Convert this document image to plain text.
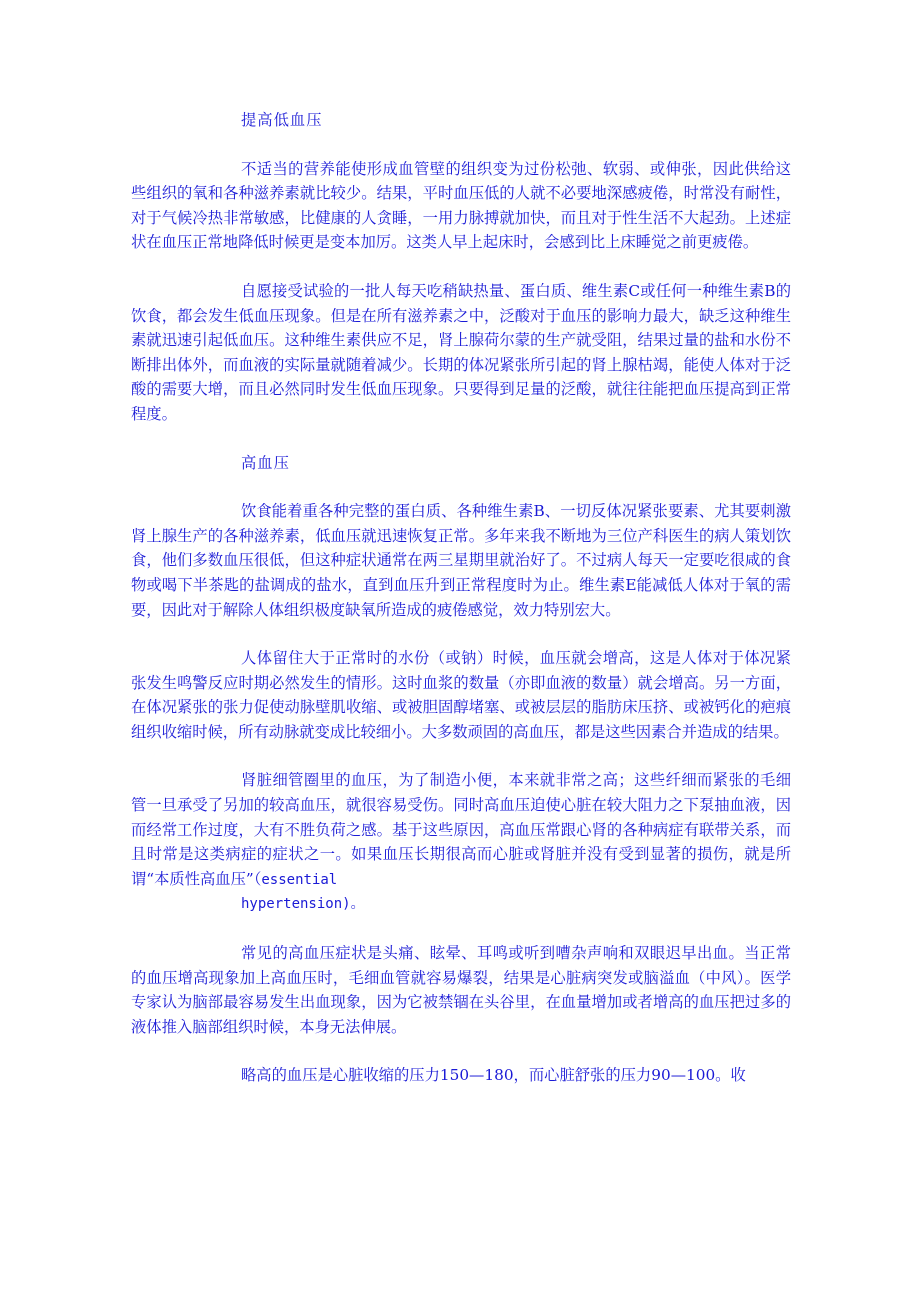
提高低血压

不适当的营养能使形成血管壁的组织变为过份松弛、软弱、或伸张，因此供给这些组织的氧和各种滋养素就比较少。结果，平时血压低的人就不必要地深感疲倦，时常没有耐性，对于气候冷热非常敏感，比健康的人贪睡，一用力脉搏就加快，而且对于性生活不大起劲。上述症状在血压正常地降低时候更是变本加厉。这类人早上起床时，会感到比上床睡觉之前更疲倦。

自愿接受试验的一批人每天吃稍缺热量、蛋白质、维生素C或任何一种维生素B的饮食，都会发生低血压现象。但是在所有滋养素之中，泛酸对于血压的影响力最大，缺乏这种维生素就迅速引起低血压。这种维生素供应不足，肾上腺荷尔蒙的生产就受阻，结果过量的盐和水份不断排出体外，而血液的实际量就随着减少。长期的体况紧张所引起的肾上腺枯竭，能使人体对于泛酸的需要大增，而且必然同时发生低血压现象。只要得到足量的泛酸，就往往能把血压提高到正常程度。

高血压

饮食能着重各种完整的蛋白质、各种维生素B、一切反体况紧张要素、尤其要刺激肾上腺生产的各种滋养素，低血压就迅速恢复正常。多年来我不断地为三位产科医生的病人策划饮食，他们多数血压很低，但这种症状通常在两三星期里就治好了。不过病人每天一定要吃很咸的食物或喝下半茶匙的盐调成的盐水，直到血压升到正常程度时为止。维生素E能减低人体对于氧的需要，因此对于解除人体组织极度缺氧所造成的疲倦感觉，效力特别宏大。

人体留住大于正常时的水份（或钠）时候，血压就会增高，这是人体对于体况紧张发生鸣警反应时期必然发生的情形。这时血浆的数量（亦即血液的数量）就会增高。另一方面，在体况紧张的张力促使动脉壁肌收缩、或被胆固醇堵塞、或被层层的脂肪床压挤、或被钙化的疤痕组织收缩时候，所有动脉就变成比较细小。大多数顽固的高血压，都是这些因素合并造成的结果。

肾脏细管圈里的血压，为了制造小便，本来就非常之高；这些纤细而紧张的毛细管一旦承受了另加的较高血压，就很容易受伤。同时高血压迫使心脏在较大阻力之下泵抽血液，因而经常工作过度，大有不胜负荷之感。基于这些原因，高血压常跟心肾的各种病症有联带关系，而且时常是这类病症的症状之一。如果血压长期很高而心脏或肾脏并没有受到显著的损伤，就是所谓“本质性高血压”（essential
hypertension)。

常见的高血压症状是头痛、眩晕、耳鸣或听到嘈杂声响和双眼迟早出血。当正常的血压增高现象加上高血压时，毛细血管就容易爆裂，结果是心脏病突发或脑溢血（中风）。医学专家认为脑部最容易发生出血现象，因为它被禁锢在头谷里，在血量增加或者增高的血压把过多的液体推入脑部组织时候，本身无法伸展。

略高的血压是心脏收缩的压力150—180，而心脏舒张的压力90—100。收
